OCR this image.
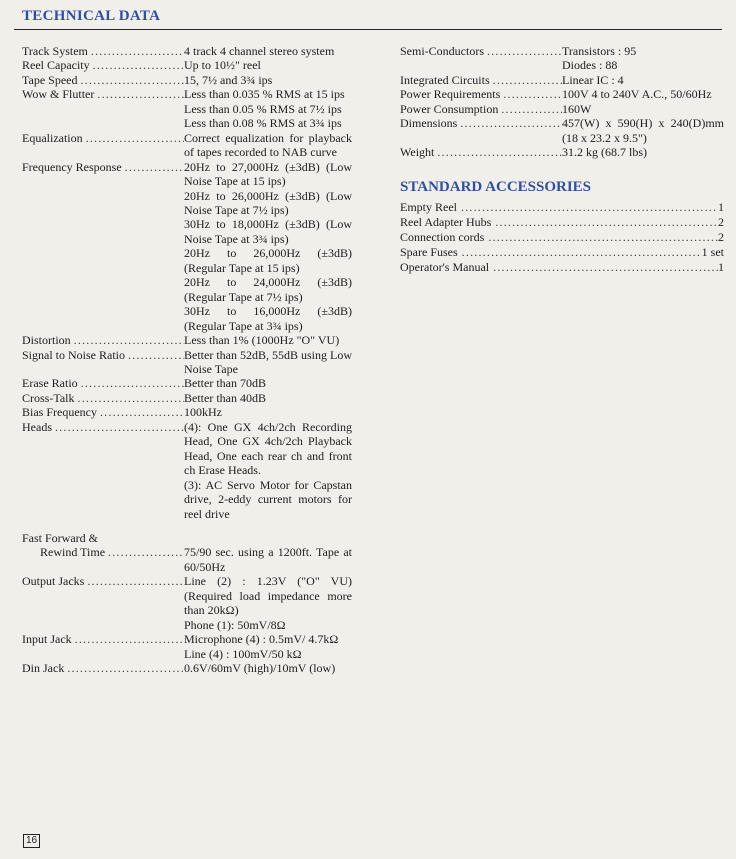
TECHNICAL DATA
Track System .....	4 track 4 channel stereo system
Reel Capacity .....	Up to 10½" reel
Tape Speed .....	15, 7½ and 3¾ ips
Wow & Flutter .....	Less than 0.035 % RMS at 15 ips
Less than 0.05 % RMS at 7½ ips
Less than 0.08 % RMS at 3¾ ips
Equalization .....	Correct equalization for playback of tapes recorded to NAB curve
Frequency Response .....	20Hz to 27,000Hz (±3dB) (Low Noise Tape at 15 ips)
20Hz to 26,000Hz (±3dB) (Low Noise Tape at 7½ ips)
30Hz to 18,000Hz (±3dB) (Low Noise Tape at 3¾ ips)
20Hz to 26,000Hz (±3dB) (Regular Tape at 15 ips)
20Hz to 24,000Hz (±3dB) (Regular Tape at 7½ ips)
30Hz to 16,000Hz (±3dB) (Regular Tape at 3¾ ips)
Distortion .....	Less than 1% (1000Hz "O" VU)
Signal to Noise Ratio .....	Better than 52dB, 55dB using Low Noise Tape
Erase Ratio .....	Better than 70dB
Cross-Talk .....	Better than 40dB
Bias Frequency .....	100kHz
Heads .....	(4): One GX 4ch/2ch Recording Head, One GX 4ch/2ch Playback Head, One each rear ch and front ch Erase Heads.
(3): AC Servo Motor for Capstan drive, 2-eddy current motors for reel drive
Fast Forward &
Rewind Time .....	75/90 sec. using a 1200ft. Tape at 60/50Hz
Output Jacks .....	Line (2) : 1.23V ("O" VU) (Required load impedance more than 20kΩ)
Phone (1): 50mV/8Ω
Input Jack .....	Microphone (4) : 0.5mV/ 4.7kΩ
Line (4) : 100mV/50 kΩ
Din Jack .....	0.6V/60mV (high)/10mV (low)
Semi-Conductors .....	Transistors : 95
Diodes : 88
Integrated Circuits .....	Linear IC : 4
Power Requirements .....	100V 4 to 240V A.C., 50/60Hz
Power Consumption .....	160W
Dimensions .....	457(W) x 590(H) x 240(D)mm (18 x 23.2 x 9.5")
Weight .....	31.2 kg (68.7 lbs)
STANDARD ACCESSORIES
Empty Reel .....	1
Reel Adapter Hubs .....	2
Connection cords .....	2
Spare Fuses .....	1 set
Operator's Manual .....	1
16
